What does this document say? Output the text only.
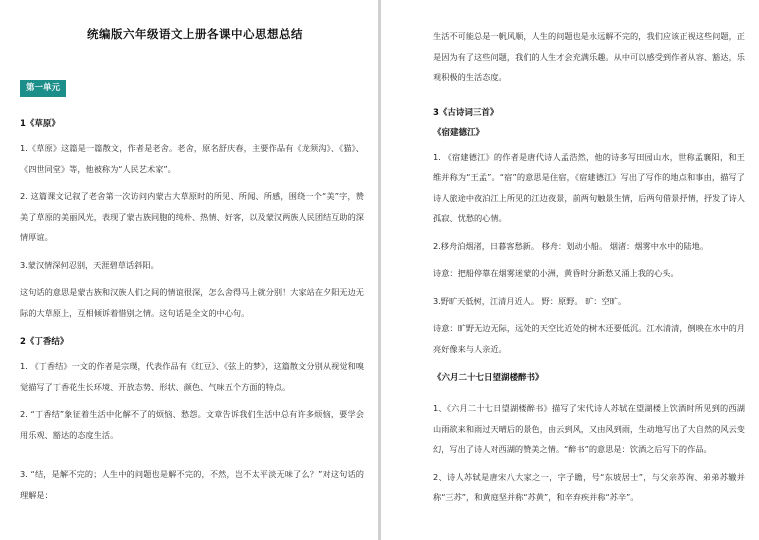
统编版六年级语文上册各课中心思想总结
第一单元
1《草原》

1.《草原》这篇是一篇散文，作者是老舍。老舍，原名舒庆春，主要作品有《龙须沟》、《猫》、《四世同堂》等，他被称为“人民艺术家”。

2. 这篇课文记叙了老舍第一次访问内蒙古大草原时的所见、所闻、所感，围绕一个“美”字，赞美了草原的美丽风光，表现了蒙古族同胞的纯朴、热情、好客，以及蒙汉两族人民团结互助的深情厚谊。

3.蒙汉情深何忍别，天涯碧草话斜阳。

这句话的意思是蒙古族和汉族人们之间的情谊很深，怎么舍得马上就分别！大家站在夕阳无边无际的大草原上，互相倾诉着惜别之情。这句话是全文的中心句。

2《丁香结》

1. 《丁香结》一文的作者是宗璞，代表作品有《红豆》、《弦上的梦》，这篇散文分别从视觉和嗅觉描写了丁香花生长环境、开放态势、形状、颜色、气味五个方面的特点。

2. “丁香结”象征着生活中化解不了的烦恼、愁怨。文章告诉我们生活中总有许多烦恼，要学会用乐观、豁达的态度生活。

3. “结，是解不完的；人生中的问题也是解不完的，不然，岂不太平淡无味了么？”对这句话的理解是：

生活不可能总是一帆风顺，人生的问题也是永远解不完的，我们应该正视这些问题，正是因为有了这些问题，我们的人生才会充满乐趣。从中可以感受到作者从容、豁达，乐观积极的生活态度。

3《古诗词三首》
《宿建德江》

1. 《宿建德江》的作者是唐代诗人孟浩然，他的诗多写田园山水，世称孟襄阳，和王维并称为“王孟”。“宿”的意思是住宿，《宿建德江》写出了写作的地点和事由，描写了诗人旅途中夜泊江上所见的江边夜景，前两句触景生情，后两句借景抒情，抒发了诗人孤寂、忧愁的心情。

2.移舟泊烟渚，日暮客愁新。 移舟：划动小船。 烟渚：烟雾中水中的陆地。

诗意：把船停靠在烟雾迷蒙的小洲，黄昏时分新愁又涌上我的心头。

3.野旷天低树，江清月近人。 野：原野。 旷：空旷。

诗意：旷野无边无际，远处的天空比近处的树木还要低沉。江水清清，倒映在水中的月亮好像来与人亲近。

《六月二十七日望湖楼醉书》

1、《六月二十七日望湖楼醉书》描写了宋代诗人苏轼在望湖楼上饮酒时所见到的西湖山雨欲来和雨过天晴后的景色，由云到风，又由风到雨，生动地写出了大自然的风云变幻，写出了诗人对西湖的赞美之情。“醉书”的意思是：饮酒之后写下的作品。

2、诗人苏轼是唐宋八大家之一，字子瞻，号“东坡居士”，与父亲苏洵、弟弟苏辙并称“三苏”，和黄庭坚并称“苏黄”，和辛弃疾并称“苏辛”。
